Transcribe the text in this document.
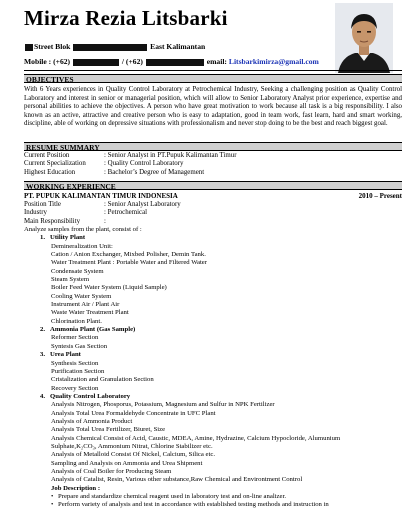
Mirza Rezia Litsbarki
Street Blok	East Kalimantan
Mobile : (+62)	/ (+62)	email: Litsbarkimirza@gmail.com
OBJECTIVES
With 6 Years experiences in Quality Control Laboratory at Petrochemical Industry, Seeking a challenging position as Quality Control Laboratory and interest in senior or managerial position, which will allow to Senior Laboratory Analyst prior experience, expertise and personal abilities to achieve the objectives. A person who have great motivation to work because all task is a big responsibility. I also known as an active, attractive and creative person who is easy to adaptation, good in team work, fast learn, hard and smart working, discipline, able of working on depressive situations with professionalism and never stop doing to be the best and reach biggest goal.
RESUME SUMMARY
Current Position	: Senior Analyst in PT.Pupuk Kalimantan Timur
Current Specialization	: Quality Control Laboratory
Highest Education	: Bachelor’s Degree of Management
WORKING EXPERIENCE
PT. PUPUK KALIMANTAN TIMUR INDONESIA	2010 – Present
Position Title	: Senior Analyst Laboratory
Industry	: Petrochemical
Main Responsibility	:
Analyze samples from the plant, consist of :
1. Utility Plant
Demineralization Unit:
Cation / Anion Exchanger, Mixbed Polisher, Demin Tank.
Water Treatment Plant : Portable Water and Filtered Water
Condensate System
Steam System
Boiler Feed Water System (Liquid Sample)
Cooling Water System
Instrument Air / Plant Air
Waste Water Treatment Plant
Chlorination Plant.
2. Ammonia Plant (Gas Sample)
Reformer Section
Syntesis Gas Section
3. Urea Plant
Synthesis Section
Purification Section
Cristalization and Granulation Section
Recovery Section
4. Quality Control Laboratory
Analysis Nitrogen, Phosporus, Potassium, Magnesium and Sulfur in NPK Fertilizer
Analysis Total Urea Formaldehyde Concentrate in UFC Plant
Analysis of Ammonia Product
Analysis Total Urea Fertilizer, Biuret, Size
Analysis Chemical Consist of Acid, Caustic, MDEA, Amine, Hydrazine, Calcium Hypocloride, Alumunium
Sulphate,K₂CO₃, Ammonium Nitrat, Chlorine Stabilizer etc.
Analysis of Metalloid Consist Of Nickel, Calcium, Silica etc.
Sampling and Analysis on Ammonia and Urea Shipment
Analysis of Coal Boiler for Producing Steam
Analysis of Catalist, Resin, Various other substance,Raw Chemical and Environtment Control
Job Description :
• Prepare and standardize chemical reagent used in laboratory test and on-line analizer.
• Perform variety of analysis and test in accordance with established testing methods and instruction in
